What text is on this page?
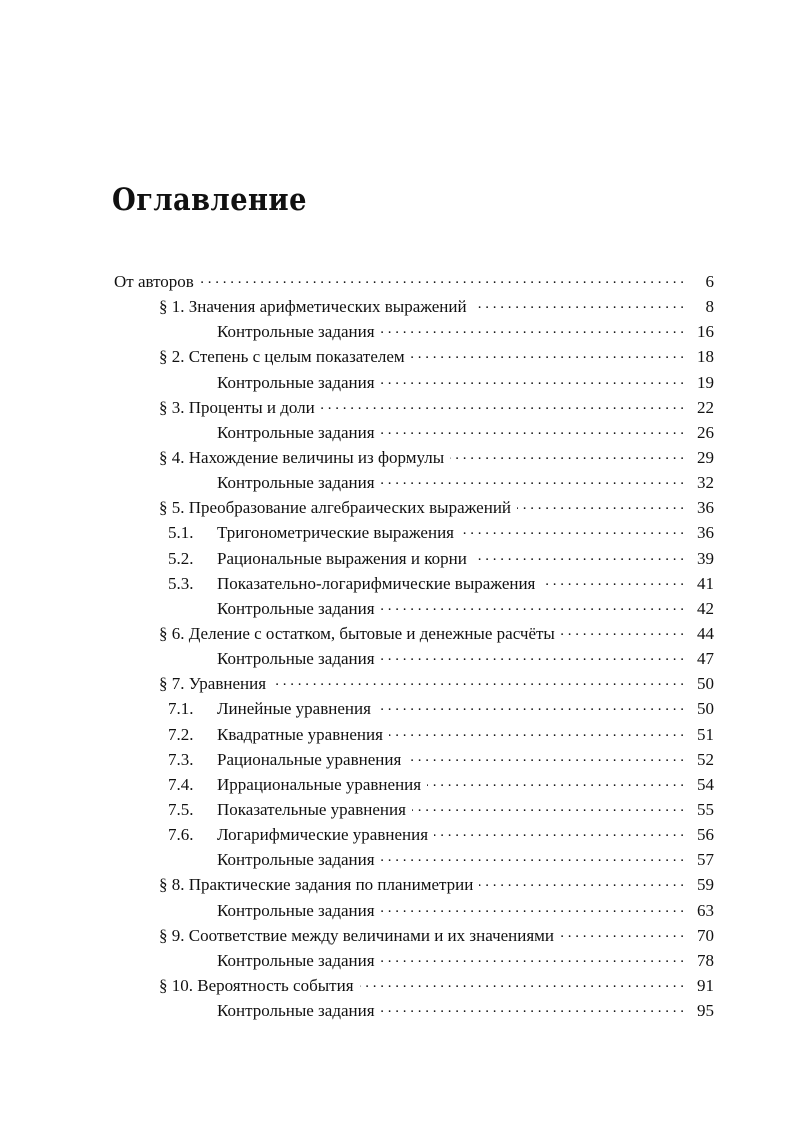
Оглавление
От авторов . . .	6
§ 1. Значения арифметических выражений . . .	8
Контрольные задания . . .	16
§ 2. Степень с целым показателем . . .	18
Контрольные задания . . .	19
§ 3. Проценты и доли . . .	22
Контрольные задания . . .	26
§ 4. Нахождение величины из формулы . . .	29
Контрольные задания . . .	32
§ 5. Преобразование алгебраических выражений . . .	36
5.1.	Тригонометрические выражения . . .	36
5.2.	Рациональные выражения и корни . . .	39
5.3.	Показательно-логарифмические выражения . . .	41
Контрольные задания . . .	42
§ 6. Деление с остатком, бытовые и денежные расчёты . . .	44
Контрольные задания . . .	47
§ 7. Уравнения . . .	50
7.1.	Линейные уравнения . . .	50
7.2.	Квадратные уравнения . . .	51
7.3.	Рациональные уравнения . . .	52
7.4.	Иррациональные уравнения . . .	54
7.5.	Показательные уравнения . . .	55
7.6.	Логарифмические уравнения . . .	56
Контрольные задания . . .	57
§ 8. Практические задания по планиметрии . . .	59
Контрольные задания . . .	63
§ 9. Соответствие между величинами и их значениями . . .	70
Контрольные задания . . .	78
§ 10. Вероятность события . . .	91
Контрольные задания . . .	95
